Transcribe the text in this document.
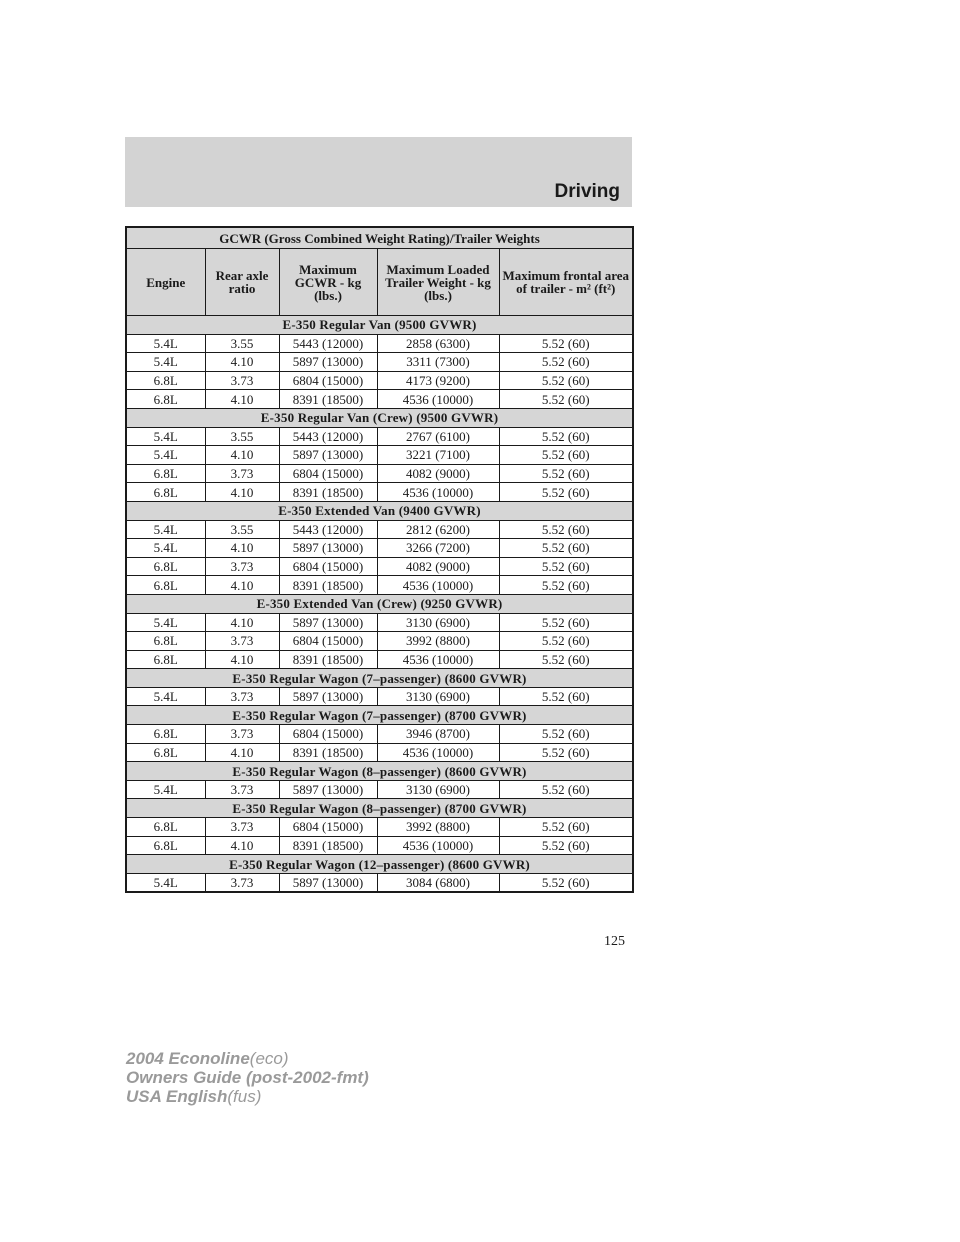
Driving
GCWR (Gross Combined Weight Rating)/Trailer Weights				
Engine	Rear axle ratio	Maximum GCWR - kg (lbs.)	Maximum Loaded Trailer Weight - kg (lbs.)	Maximum frontal area of trailer - m² (ft²)
E-350 Regular Van (9500 GVWR)				
5.4L	3.55	5443 (12000)	2858 (6300)	5.52 (60)
5.4L	4.10	5897 (13000)	3311 (7300)	5.52 (60)
6.8L	3.73	6804 (15000)	4173 (9200)	5.52 (60)
6.8L	4.10	8391 (18500)	4536 (10000)	5.52 (60)
E-350 Regular Van (Crew) (9500 GVWR)				
5.4L	3.55	5443 (12000)	2767 (6100)	5.52 (60)
5.4L	4.10	5897 (13000)	3221 (7100)	5.52 (60)
6.8L	3.73	6804 (15000)	4082 (9000)	5.52 (60)
6.8L	4.10	8391 (18500)	4536 (10000)	5.52 (60)
E-350 Extended Van (9400 GVWR)				
5.4L	3.55	5443 (12000)	2812 (6200)	5.52 (60)
5.4L	4.10	5897 (13000)	3266 (7200)	5.52 (60)
6.8L	3.73	6804 (15000)	4082 (9000)	5.52 (60)
6.8L	4.10	8391 (18500)	4536 (10000)	5.52 (60)
E-350 Extended Van (Crew) (9250 GVWR)				
5.4L	4.10	5897 (13000)	3130 (6900)	5.52 (60)
6.8L	3.73	6804 (15000)	3992 (8800)	5.52 (60)
6.8L	4.10	8391 (18500)	4536 (10000)	5.52 (60)
E-350 Regular Wagon (7–passenger) (8600 GVWR)				
5.4L	3.73	5897 (13000)	3130 (6900)	5.52 (60)
E-350 Regular Wagon (7–passenger) (8700 GVWR)				
6.8L	3.73	6804 (15000)	3946 (8700)	5.52 (60)
6.8L	4.10	8391 (18500)	4536 (10000)	5.52 (60)
E-350 Regular Wagon (8–passenger) (8600 GVWR)				
5.4L	3.73	5897 (13000)	3130 (6900)	5.52 (60)
E-350 Regular Wagon (8–passenger) (8700 GVWR)				
6.8L	3.73	6804 (15000)	3992 (8800)	5.52 (60)
6.8L	4.10	8391 (18500)	4536 (10000)	5.52 (60)
E-350 Regular Wagon (12–passenger) (8600 GVWR)				
5.4L	3.73	5897 (13000)	3084 (6800)	5.52 (60)
125
2004 Econoline(eco)
Owners Guide (post-2002-fmt)
USA English(fus)
